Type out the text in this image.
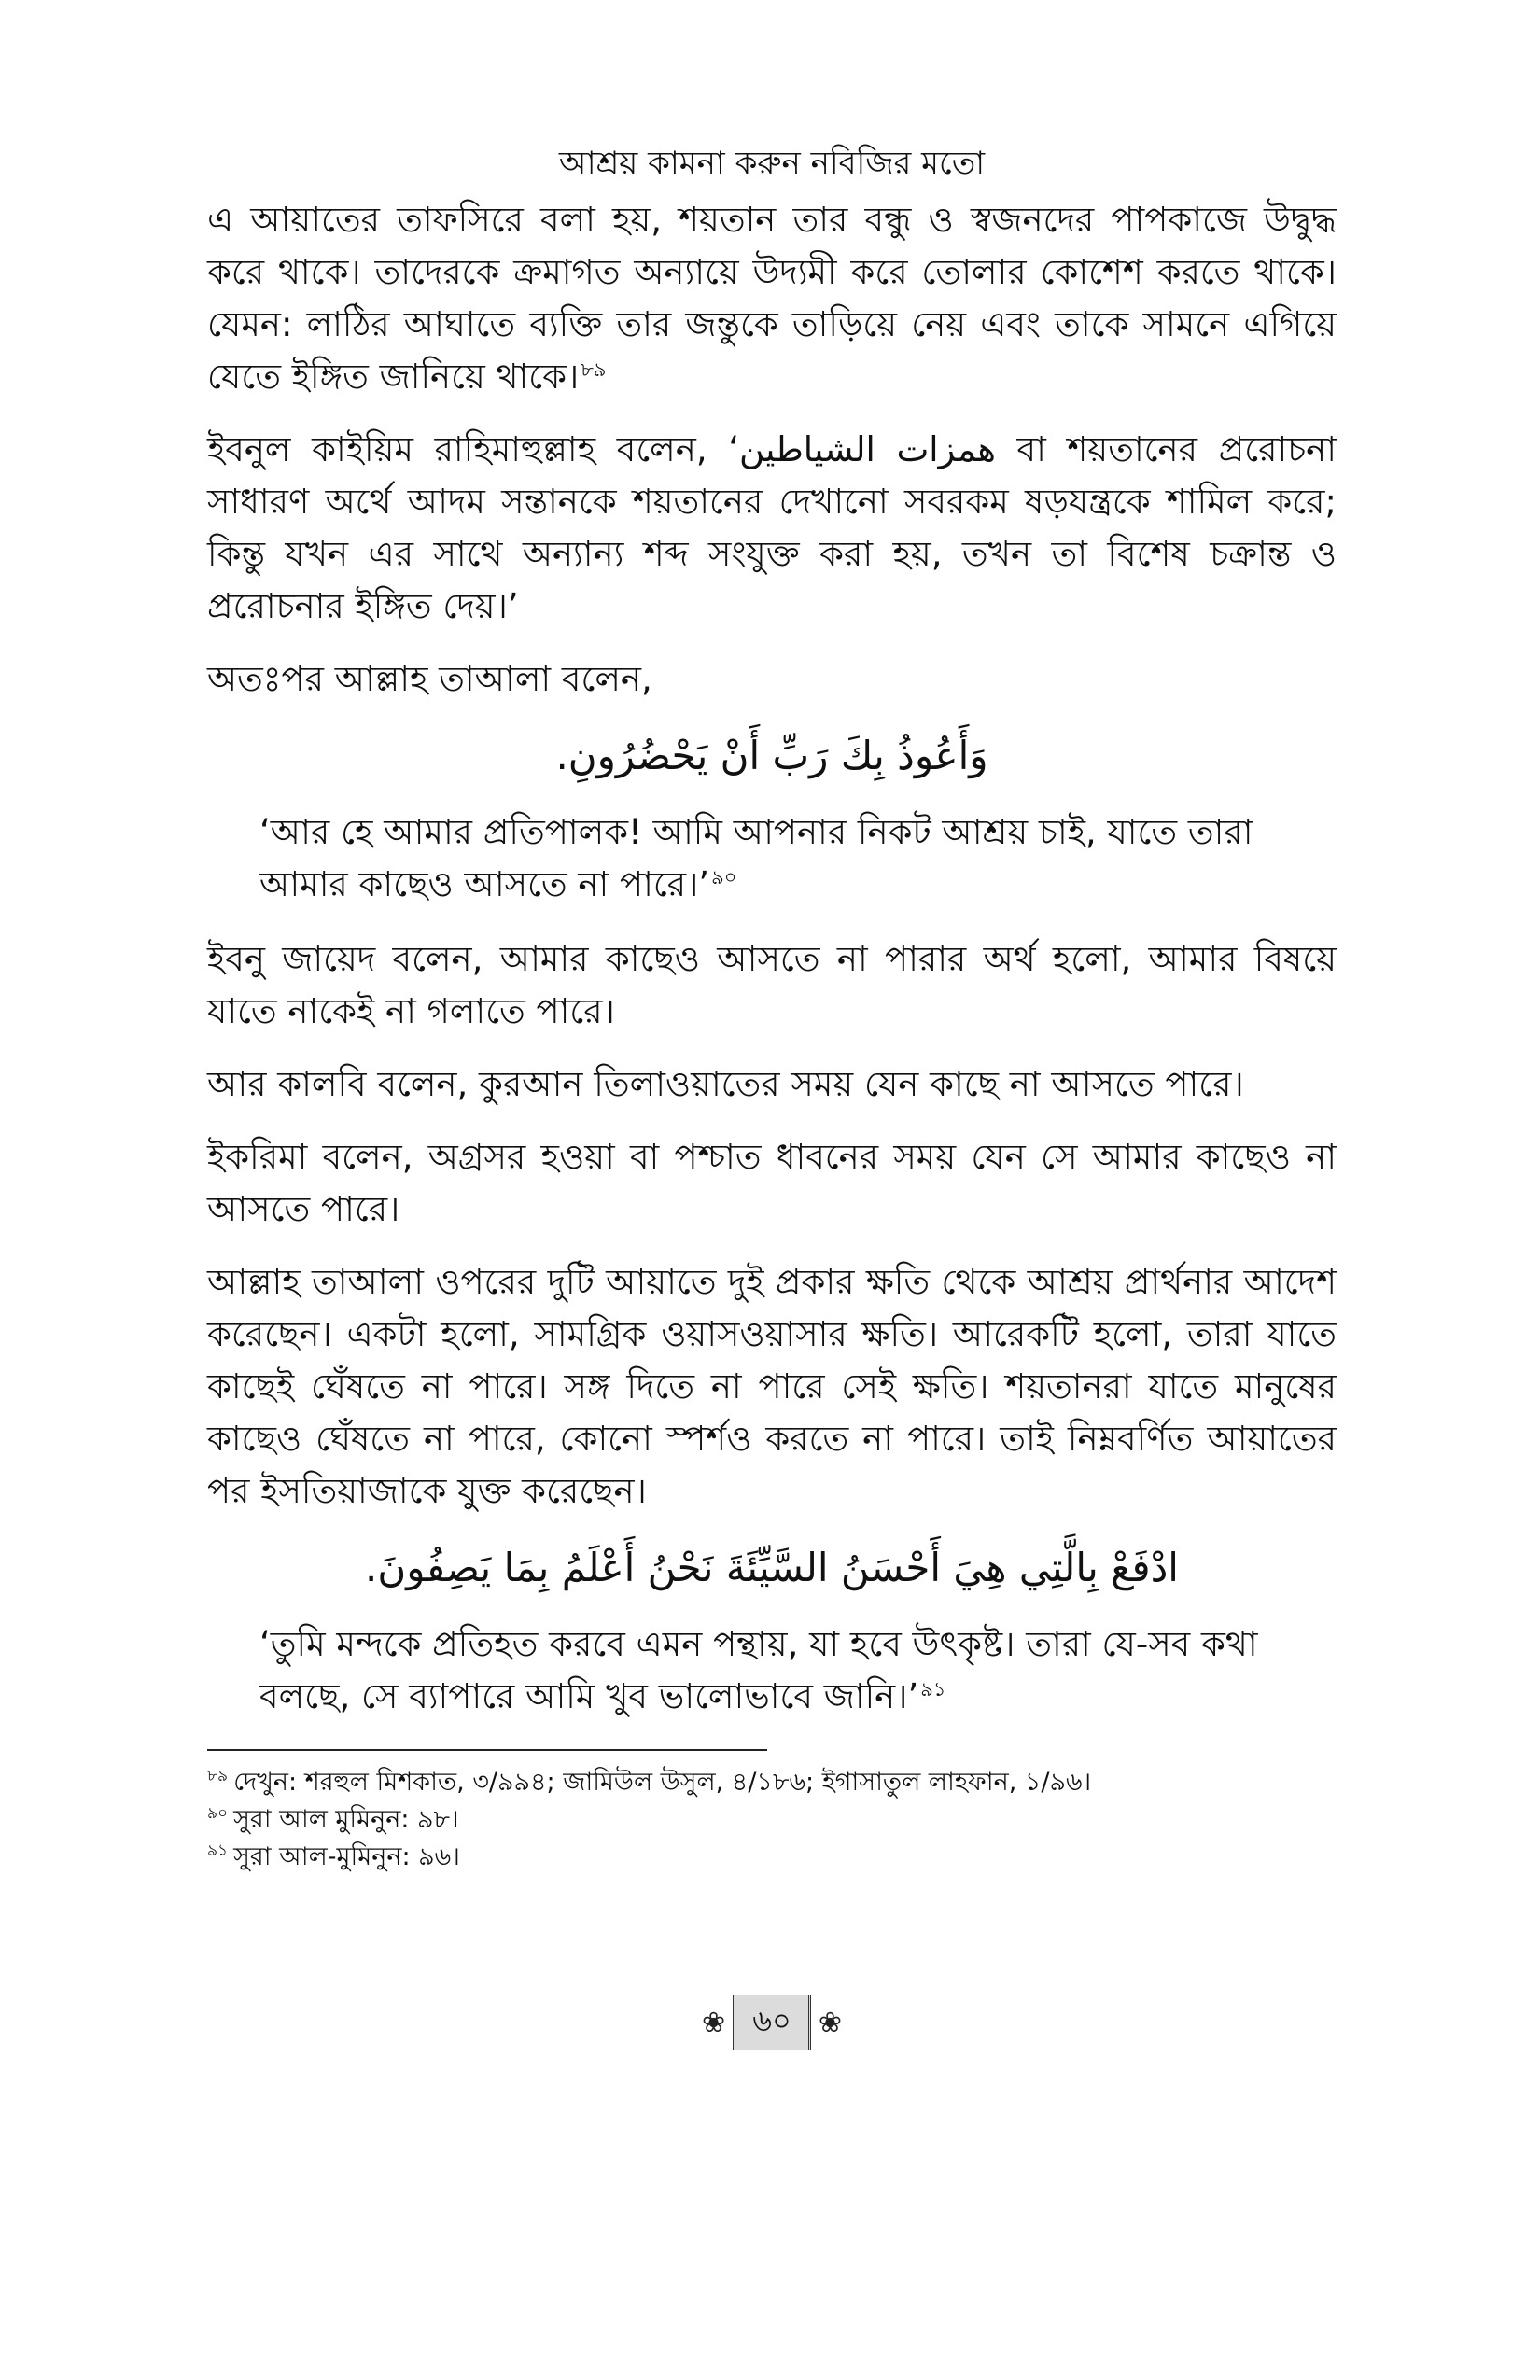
আশ্রয় কামনা করুন নবিজির মতো

এ আয়াতের তাফসিরে বলা হয়, শয়তান তার বন্ধু ও স্বজনদের পাপকাজে উদ্বুদ্ধ করে থাকে। তাদেরকে ক্রমাগত অন্যায়ে উদ্যমী করে তোলার কোশেশ করতে থাকে। যেমন: লাঠির আঘাতে ব্যক্তি তার জন্তুকে তাড়িয়ে নেয় এবং তাকে সামনে এগিয়ে যেতে ইঙ্গিত জানিয়ে থাকে।$^{৮৯}$

ইবনুল কাইয়িম রাহিমাহুল্লাহ বলেন, ‘همزات الشياطين বা শয়তানের প্ররোচনা সাধারণ অর্থে আদম সন্তানকে শয়তানের দেখানো সবরকম ষড়যন্ত্রকে শামিল করে; কিন্তু যখন এর সাথে অন্যান্য শব্দ সংযুক্ত করা হয়, তখন তা বিশেষ চক্রান্ত ও প্ররোচনার ইঙ্গিত দেয়।’

অতঃপর আল্লাহ তাআলা বলেন,

وَأَعُوذُ بِكَ رَبِّ أَنْ يَحْضُرُونِ.

‘আর হে আমার প্রতিপালক! আমি আপনার নিকট আশ্রয় চাই, যাতে তারা আমার কাছেও আসতে না পারে।’$^{৯০}$

ইবনু জায়েদ বলেন, আমার কাছেও আসতে না পারার অর্থ হলো, আমার বিষয়ে যাতে নাকেই না গলাতে পারে।

আর কালবি বলেন, কুরআন তিলাওয়াতের সময় যেন কাছে না আসতে পারে।

ইকরিমা বলেন, অগ্রসর হওয়া বা পশ্চাত ধাবনের সময় যেন সে আমার কাছেও না আসতে পারে।

আল্লাহ তাআলা ওপরের দুটি আয়াতে দুই প্রকার ক্ষতি থেকে আশ্রয় প্রার্থনার আদেশ করেছেন। একটা হলো, সামগ্রিক ওয়াসওয়াসার ক্ষতি। আরেকটি হলো, তারা যাতে কাছেই ঘেঁষতে না পারে। সঙ্গ দিতে না পারে সেই ক্ষতি। শয়তানরা যাতে মানুষের কাছেও ঘেঁষতে না পারে, কোনো স্পর্শও করতে না পারে। তাই নিম্নবর্ণিত আয়াতের পর ইসতিয়াজাকে যুক্ত করেছেন।

ادْفَعْ بِالَّتِي هِيَ أَحْسَنُ السَّيِّئَةَ نَحْنُ أَعْلَمُ بِمَا يَصِفُونَ.

‘তুমি মন্দকে প্রতিহত করবে এমন পন্থায়, যা হবে উৎকৃষ্ট। তারা যে-সব কথা বলছে, সে ব্যাপারে আমি খুব ভালোভাবে জানি।’$^{৯১}$

$^{৮৯}$ দেখুন: শরহুল মিশকাত, ৩/৯৯৪; জামিউল উসুল, ৪/১৮৬; ইগাসাতুল লাহফান, ১/৯৬।

$^{৯০}$ সুরা আল মুমিনুন: ৯৮।

$^{৯১}$ সুরা আল-মুমিনুন: ৯৬।

❀ ৬০ ❀
